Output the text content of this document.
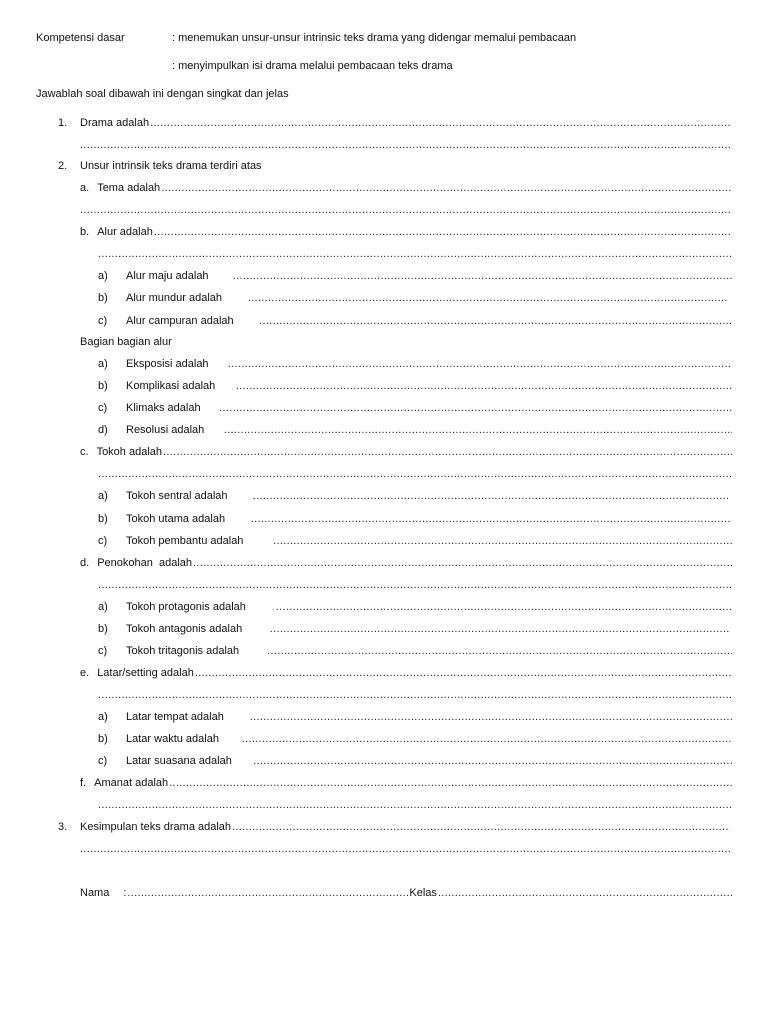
Kompetensi dasar	: menemukan unsur-unsur intrinsic teks drama yang didengar memalui pembacaan
: menyimpulkan isi drama melalui pembacaan teks drama
Jawablah soal dibawah ini dengan singkat dan jelas
1. Drama adalah
.....
.....
2. Unsur intrinsik teks drama terdiri atas
a. Tema adalah
.....
.....
b. Alur adalah
.....
.....
a) Alur maju adalah
.....
b) Alur mundur adalah
.....
c) Alur campuran adalah
.....
Bagian bagian alur
a) Eksposisi adalah
.....
b) Komplikasi adalah
.....
c) Klimaks adalah
.....
d) Resolusi adalah
.....
c. Tokoh adalah
.....
.....
a) Tokoh sentral adalah
.....
b) Tokoh utama adalah
.....
c) Tokoh pembantu adalah
.....
d. Penokohan  adalah
.....
.....
a) Tokoh protagonis adalah
.....
b) Tokoh antagonis adalah
.....
c) Tokoh tritagonis adalah
.....
e. Latar/setting adalah
.....
.....
a) Latar tempat adalah
.....
b) Latar waktu adalah
.....
c) Latar suasana adalah
.....
f. Amanat adalah
.....
.....
3. Kesimpulan teks drama adalah
.....
.....
Nama :
.....	Kelas
.....
